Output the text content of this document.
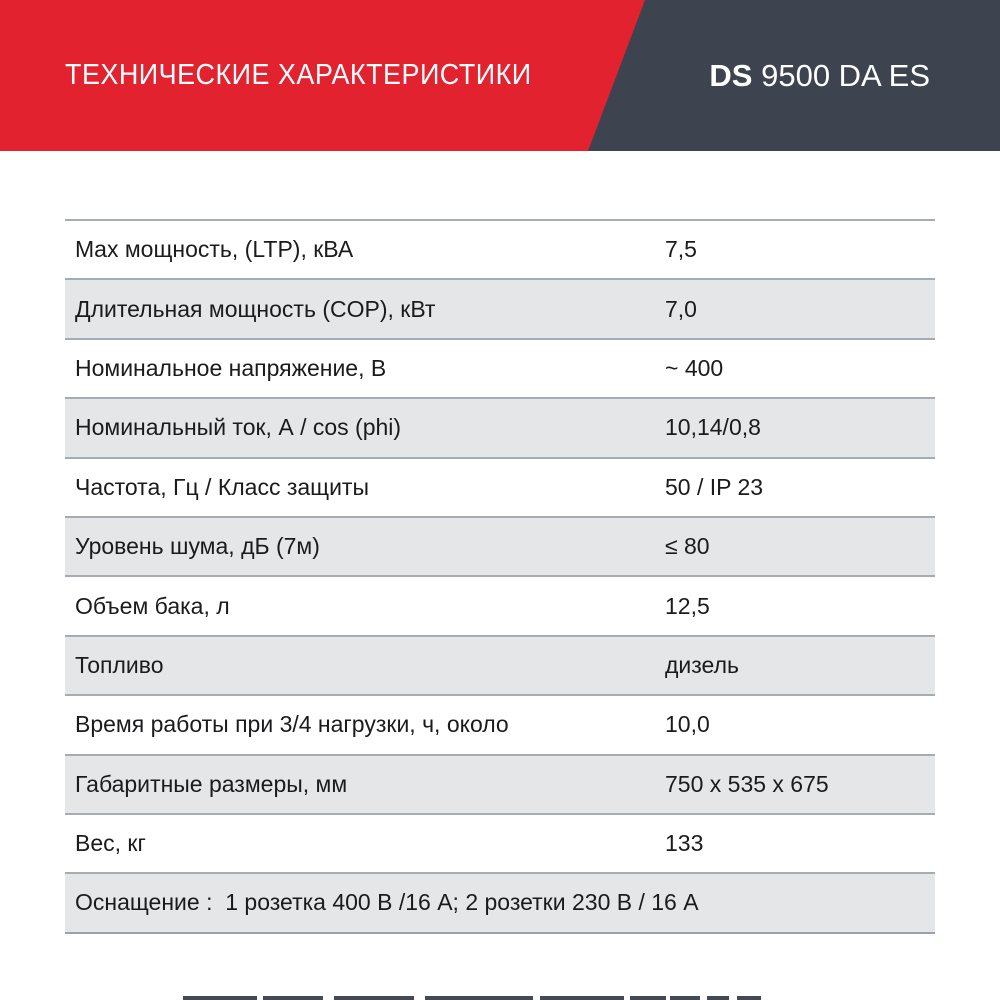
ТЕХНИЧЕСКИЕ ХАРАКТЕРИСТИКИ	DS 9500 DA ES
Max мощность, (LTP), кВА	7,5
Длительная мощность (COP), кВт	7,0
Номинальное напряжение, В	~ 400
Номинальный ток, А / cos (phi)	10,14/0,8
Частота, Гц / Класс защиты	50 / IP 23
Уровень шума, дБ (7м)	≤ 80
Объем бака, л	12,5
Топливо	дизель
Время работы при 3/4 нагрузки, ч, около	10,0
Габаритные размеры, мм	750 x 535 x 675
Вес, кг	133
Оснащение :  1 розетка 400 В /16 А; 2 розетки 230 В / 16 А
